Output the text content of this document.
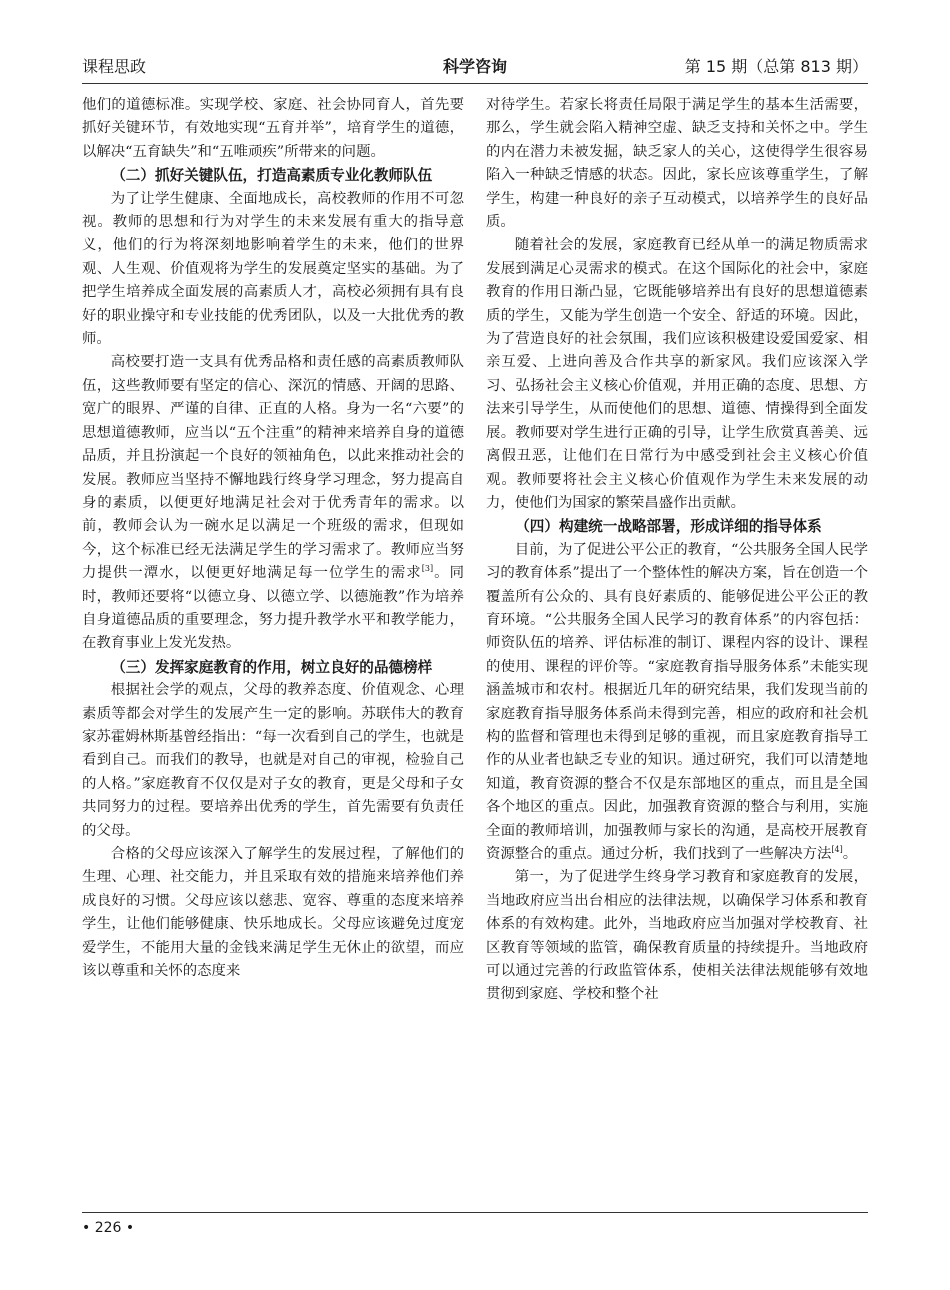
课程思政	科学咨询	第 15 期（总第 813 期）

他们的道德标准。实现学校、家庭、社会协同育人，首先要抓好关键环节，有效地实现“五育并举”，培育学生的道德，以解决“五育缺失”和“五唯顽疾”所带来的问题。

（二）抓好关键队伍，打造高素质专业化教师队伍

为了让学生健康、全面地成长，高校教师的作用不可忽视。教师的思想和行为对学生的未来发展有重大的指导意义，他们的行为将深刻地影响着学生的未来，他们的世界观、人生观、价值观将为学生的发展奠定坚实的基础。为了把学生培养成全面发展的高素质人才，高校必须拥有具有良好的职业操守和专业技能的优秀团队，以及一大批优秀的教师。

高校要打造一支具有优秀品格和责任感的高素质教师队伍，这些教师要有坚定的信心、深沉的情感、开阔的思路、宽广的眼界、严谨的自律、正直的人格。身为一名“六要”的思想道德教师，应当以“五个注重”的精神来培养自身的道德品质，并且扮演起一个良好的领袖角色，以此来推动社会的发展。教师应当坚持不懈地践行终身学习理念，努力提高自身的素质，以便更好地满足社会对于优秀青年的需求。以前，教师会认为一碗水足以满足一个班级的需求，但现如今，这个标准已经无法满足学生的学习需求了。教师应当努力提供一潭水，以便更好地满足每一位学生的需求[3]。同时，教师还要将“以德立身、以德立学、以德施教”作为培养自身道德品质的重要理念，努力提升教学水平和教学能力，在教育事业上发光发热。

（三）发挥家庭教育的作用，树立良好的品德榜样

根据社会学的观点，父母的教养态度、价值观念、心理素质等都会对学生的发展产生一定的影响。苏联伟大的教育家苏霍姆林斯基曾经指出：“每一次看到自己的学生，也就是看到自己。而我们的教导，也就是对自己的审视，检验自己的人格。”家庭教育不仅仅是对子女的教育，更是父母和子女共同努力的过程。要培养出优秀的学生，首先需要有负责任的父母。

合格的父母应该深入了解学生的发展过程，了解他们的生理、心理、社交能力，并且采取有效的措施来培养他们养成良好的习惯。父母应该以慈悲、宽容、尊重的态度来培养学生，让他们能够健康、快乐地成长。父母应该避免过度宠爱学生，不能用大量的金钱来满足学生无休止的欲望，而应该以尊重和关怀的态度来

对待学生。若家长将责任局限于满足学生的基本生活需要，那么，学生就会陷入精神空虚、缺乏支持和关怀之中。学生的内在潜力未被发掘，缺乏家人的关心，这使得学生很容易陷入一种缺乏情感的状态。因此，家长应该尊重学生，了解学生，构建一种良好的亲子互动模式，以培养学生的良好品质。

随着社会的发展，家庭教育已经从单一的满足物质需求发展到满足心灵需求的模式。在这个国际化的社会中，家庭教育的作用日渐凸显，它既能够培养出有良好的思想道德素质的学生，又能为学生创造一个安全、舒适的环境。因此，为了营造良好的社会氛围，我们应该积极建设爱国爱家、相亲互爱、上进向善及合作共享的新家风。我们应该深入学习、弘扬社会主义核心价值观，并用正确的态度、思想、方法来引导学生，从而使他们的思想、道德、情操得到全面发展。教师要对学生进行正确的引导，让学生欣赏真善美、远离假丑恶，让他们在日常行为中感受到社会主义核心价值观。教师要将社会主义核心价值观作为学生未来发展的动力，使他们为国家的繁荣昌盛作出贡献。

（四）构建统一战略部署，形成详细的指导体系

目前，为了促进公平公正的教育，“公共服务全国人民学习的教育体系”提出了一个整体性的解决方案，旨在创造一个覆盖所有公众的、具有良好素质的、能够促进公平公正的教育环境。“公共服务全国人民学习的教育体系”的内容包括：师资队伍的培养、评估标准的制订、课程内容的设计、课程的使用、课程的评价等。“家庭教育指导服务体系”未能实现涵盖城市和农村。根据近几年的研究结果，我们发现当前的家庭教育指导服务体系尚未得到完善，相应的政府和社会机构的监督和管理也未得到足够的重视，而且家庭教育指导工作的从业者也缺乏专业的知识。通过研究，我们可以清楚地知道，教育资源的整合不仅是东部地区的重点，而且是全国各个地区的重点。因此，加强教育资源的整合与利用，实施全面的教师培训，加强教师与家长的沟通，是高校开展教育资源整合的重点。通过分析，我们找到了一些解决方法[4]。

第一，为了促进学生终身学习教育和家庭教育的发展，当地政府应当出台相应的法律法规，以确保学习体系和教育体系的有效构建。此外，当地政府应当加强对学校教育、社区教育等领域的监管，确保教育质量的持续提升。当地政府可以通过完善的行政监管体系，使相关法律法规能够有效地贯彻到家庭、学校和整个社

• 226 •
